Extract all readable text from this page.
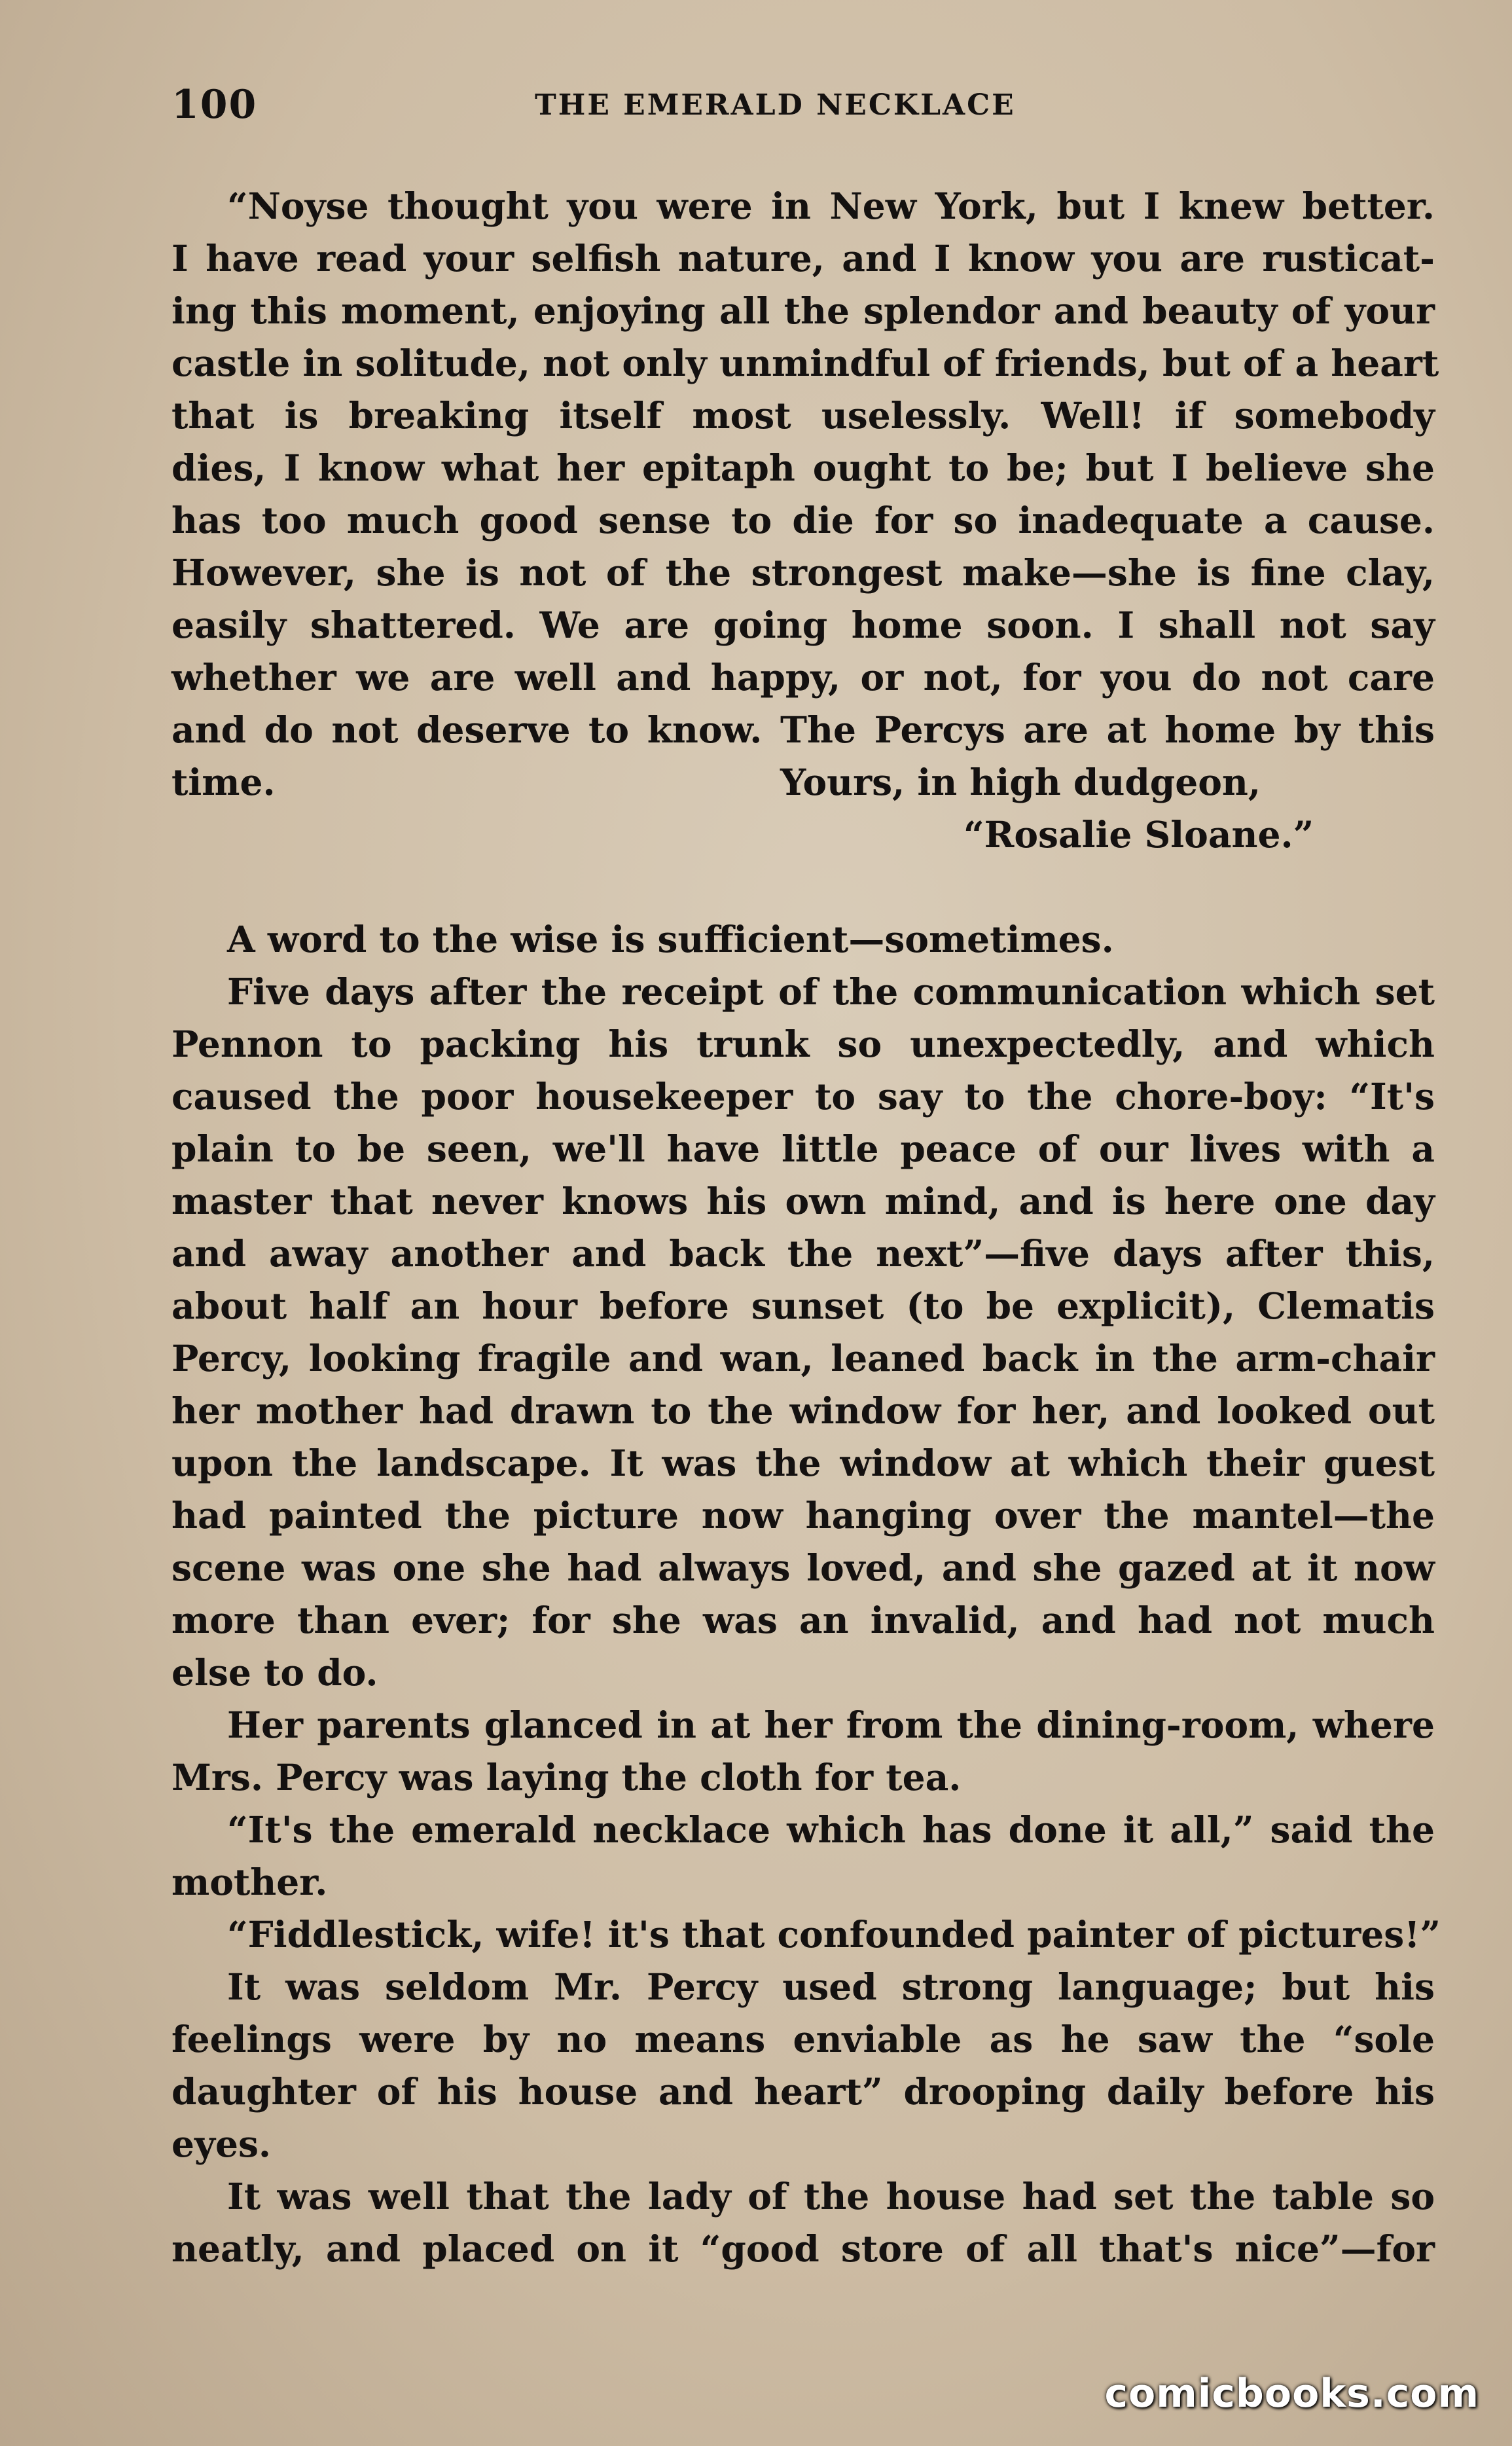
100	THE EMERALD NECKLACE
“Noyse thought you were in New York, but I knew better.
I have read your selfish nature, and I know you are rusticat-
ing this moment, enjoying all the splendor and beauty of your
castle in solitude, not only unmindful of friends, but of a heart
that is breaking itself most uselessly. Well! if somebody
dies, I know what her epitaph ought to be; but I believe she
has too much good sense to die for so inadequate a cause.
However, she is not of the strongest make—she is fine clay,
easily shattered. We are going home soon. I shall not say
whether we are well and happy, or not, for you do not care
and do not deserve to know. The Percys are at home by this
time.	Yours, in high dudgeon,
“Rosalie Sloane.”
A word to the wise is sufficient—sometimes.
Five days after the receipt of the communication which set
Pennon to packing his trunk so unexpectedly, and which
caused the poor housekeeper to say to the chore-boy: “It's
plain to be seen, we'll have little peace of our lives with a
master that never knows his own mind, and is here one day
and away another and back the next”—five days after this,
about half an hour before sunset (to be explicit), Clematis
Percy, looking fragile and wan, leaned back in the arm-chair
her mother had drawn to the window for her, and looked out
upon the landscape. It was the window at which their guest
had painted the picture now hanging over the mantel—the
scene was one she had always loved, and she gazed at it now
more than ever; for she was an invalid, and had not much
else to do.
Her parents glanced in at her from the dining-room, where
Mrs. Percy was laying the cloth for tea.
“It's the emerald necklace which has done it all,” said the
mother.
“Fiddlestick, wife! it's that confounded painter of pictures!”
It was seldom Mr. Percy used strong language; but his
feelings were by no means enviable as he saw the “sole
daughter of his house and heart” drooping daily before his
eyes.
It was well that the lady of the house had set the table so
neatly, and placed on it “good store of all that's nice”—for
comicbooks.com
